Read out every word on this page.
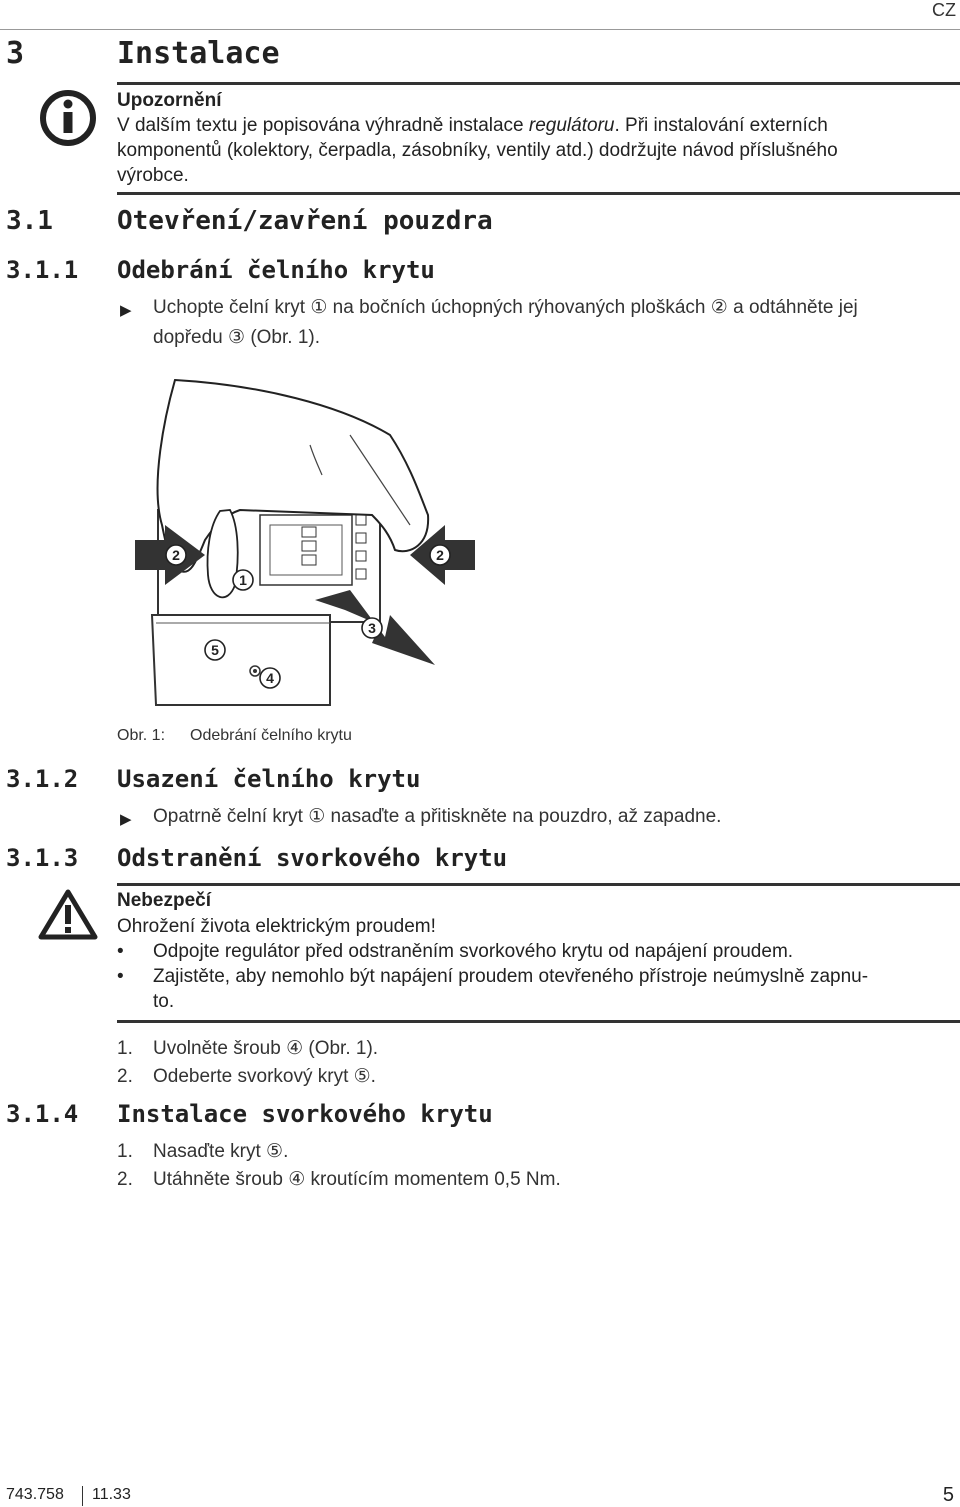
CZ
3	Instalace
Upozornění
V dalším textu je popisována výhradně instalace regulátoru. Při instalování externích
komponentů (kolektory, čerpadla, zásobníky, ventily atd.) dodržujte návod příslušného
výrobce.
3.1 Otevření/zavření pouzdra
3.1.1 Odebrání čelního krytu
▶ Uchopte čelní kryt ① na bočních úchopných rýhovaných ploškách ② a odtáhněte jej
dopředu ③ (Obr. 1).
2	2
1
3
5
4
Obr. 1: Odebrání čelního krytu
3.1.2 Usazení čelního krytu
▶ Opatrně čelní kryt ① nasaďte a přitiskněte na pouzdro, až zapadne.
3.1.3 Odstranění svorkového krytu
Nebezpečí
Ohrožení života elektrickým proudem!
• Odpojte regulátor před odstraněním svorkového krytu od napájení proudem.
• Zajistěte, aby nemohlo být napájení proudem otevřeného přístroje neúmyslně zapnu-
to.
1. Uvolněte šroub ④ (Obr. 1).
2. Odeberte svorkový kryt ⑤.
3.1.4 Instalace svorkového krytu
1. Nasaďte kryt ⑤.
2. Utáhněte šroub ④ kroutícím momentem 0,5 Nm.
743.758 11.33	5
